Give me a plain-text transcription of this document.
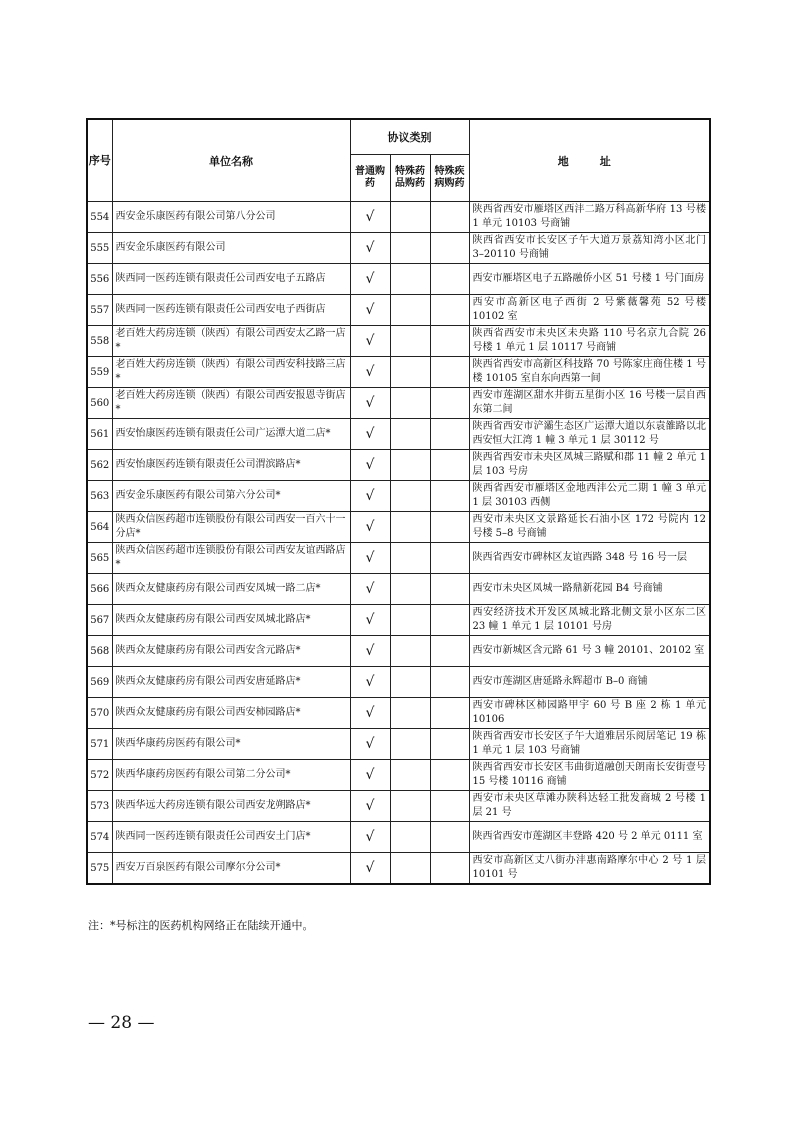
序号	单位名称	协议类别			地　址
		普通购药	特殊药品购药	特殊疾病购药	
554	西安金乐康医药有限公司第八分公司	√			陕西省西安市雁塔区西沣二路万科高新华府 13 号楼 1 单元 10103 号商铺
555	西安金乐康医药有限公司	√			陕西省西安市长安区子午大道万景荔知湾小区北门 3–20110 号商铺
556	陕西同一医药连锁有限责任公司西安电子五路店	√			西安市雁塔区电子五路融侨小区 51 号楼 1 号门面房
557	陕西同一医药连锁有限责任公司西安电子西街店	√			西安市高新区电子西街 2 号紫薇馨苑 52 号楼 10102 室
558	老百姓大药房连锁（陕西）有限公司西安太乙路一店*	√			陕西省西安市未央区未央路 110 号名京九合院 26 号楼 1 单元 1 层 10117 号商铺
559	老百姓大药房连锁（陕西）有限公司西安科技路三店*	√			陕西省西安市高新区科技路 70 号陈家庄商住楼 1 号楼 10105 室自东向西第一间
560	老百姓大药房连锁（陕西）有限公司西安报恩寺街店*	√			西安市莲湖区甜水井街五星街小区 16 号楼一层自西东第二间
561	西安怡康医药连锁有限责任公司广运潭大道二店*	√			陕西省西安市浐灞生态区广运潭大道以东袁雒路以北西安恒大江湾 1 幢 3 单元 1 层 30112 号
562	西安怡康医药连锁有限责任公司渭滨路店*	√			陕西省西安市未央区凤城三路赋和郡 11 幢 2 单元 1 层 103 号房
563	西安金乐康医药有限公司第六分公司*	√			陕西省西安市雁塔区金地西沣公元二期 1 幢 3 单元 1 层 30103 西侧
564	陕西众信医药超市连锁股份有限公司西安一百六十一分店*	√			西安市未央区文景路延长石油小区 172 号院内 12 号楼 5–8 号商铺
565	陕西众信医药超市连锁股份有限公司西安友谊西路店*	√			陕西省西安市碑林区友谊西路 348 号 16 号一层
566	陕西众友健康药房有限公司西安凤城一路二店*	√			西安市未央区凤城一路鼎新花园 B4 号商铺
567	陕西众友健康药房有限公司西安凤城北路店*	√			西安经济技术开发区凤城北路北侧文景小区东二区 23 幢 1 单元 1 层 10101 号房
568	陕西众友健康药房有限公司西安含元路店*	√			西安市新城区含元路 61 号 3 幢 20101、20102 室
569	陕西众友健康药房有限公司西安唐延路店*	√			西安市莲湖区唐延路永辉超市 B–0 商铺
570	陕西众友健康药房有限公司西安柿园路店*	√			西安市碑林区柿园路甲宇 60 号 B 座 2 栋 1 单元 10106
571	陕西华康药房医药有限公司*	√			陕西省西安市长安区子午大道雅居乐阅居笔记 19 栋 1 单元 1 层 103 号商铺
572	陕西华康药房医药有限公司第二分公司*	√			陕西省西安市长安区韦曲街道融创天朗南长安街壹号 15 号楼 10116 商铺
573	陕西华远大药房连锁有限公司西安龙朔路店*	√			西安市未央区草滩办陕科达轻工批发商城 2 号楼 1 层 21 号
574	陕西同一医药连锁有限责任公司西安土门店*	√			陕西省西安市莲湖区丰登路 420 号 2 单元 0111 室
575	西安万百泉医药有限公司摩尔分公司*	√			西安市高新区丈八街办沣惠南路摩尔中心 2 号 1 层 10101 号
注：*号标注的医药机构网络正在陆续开通中。
— 28 —
